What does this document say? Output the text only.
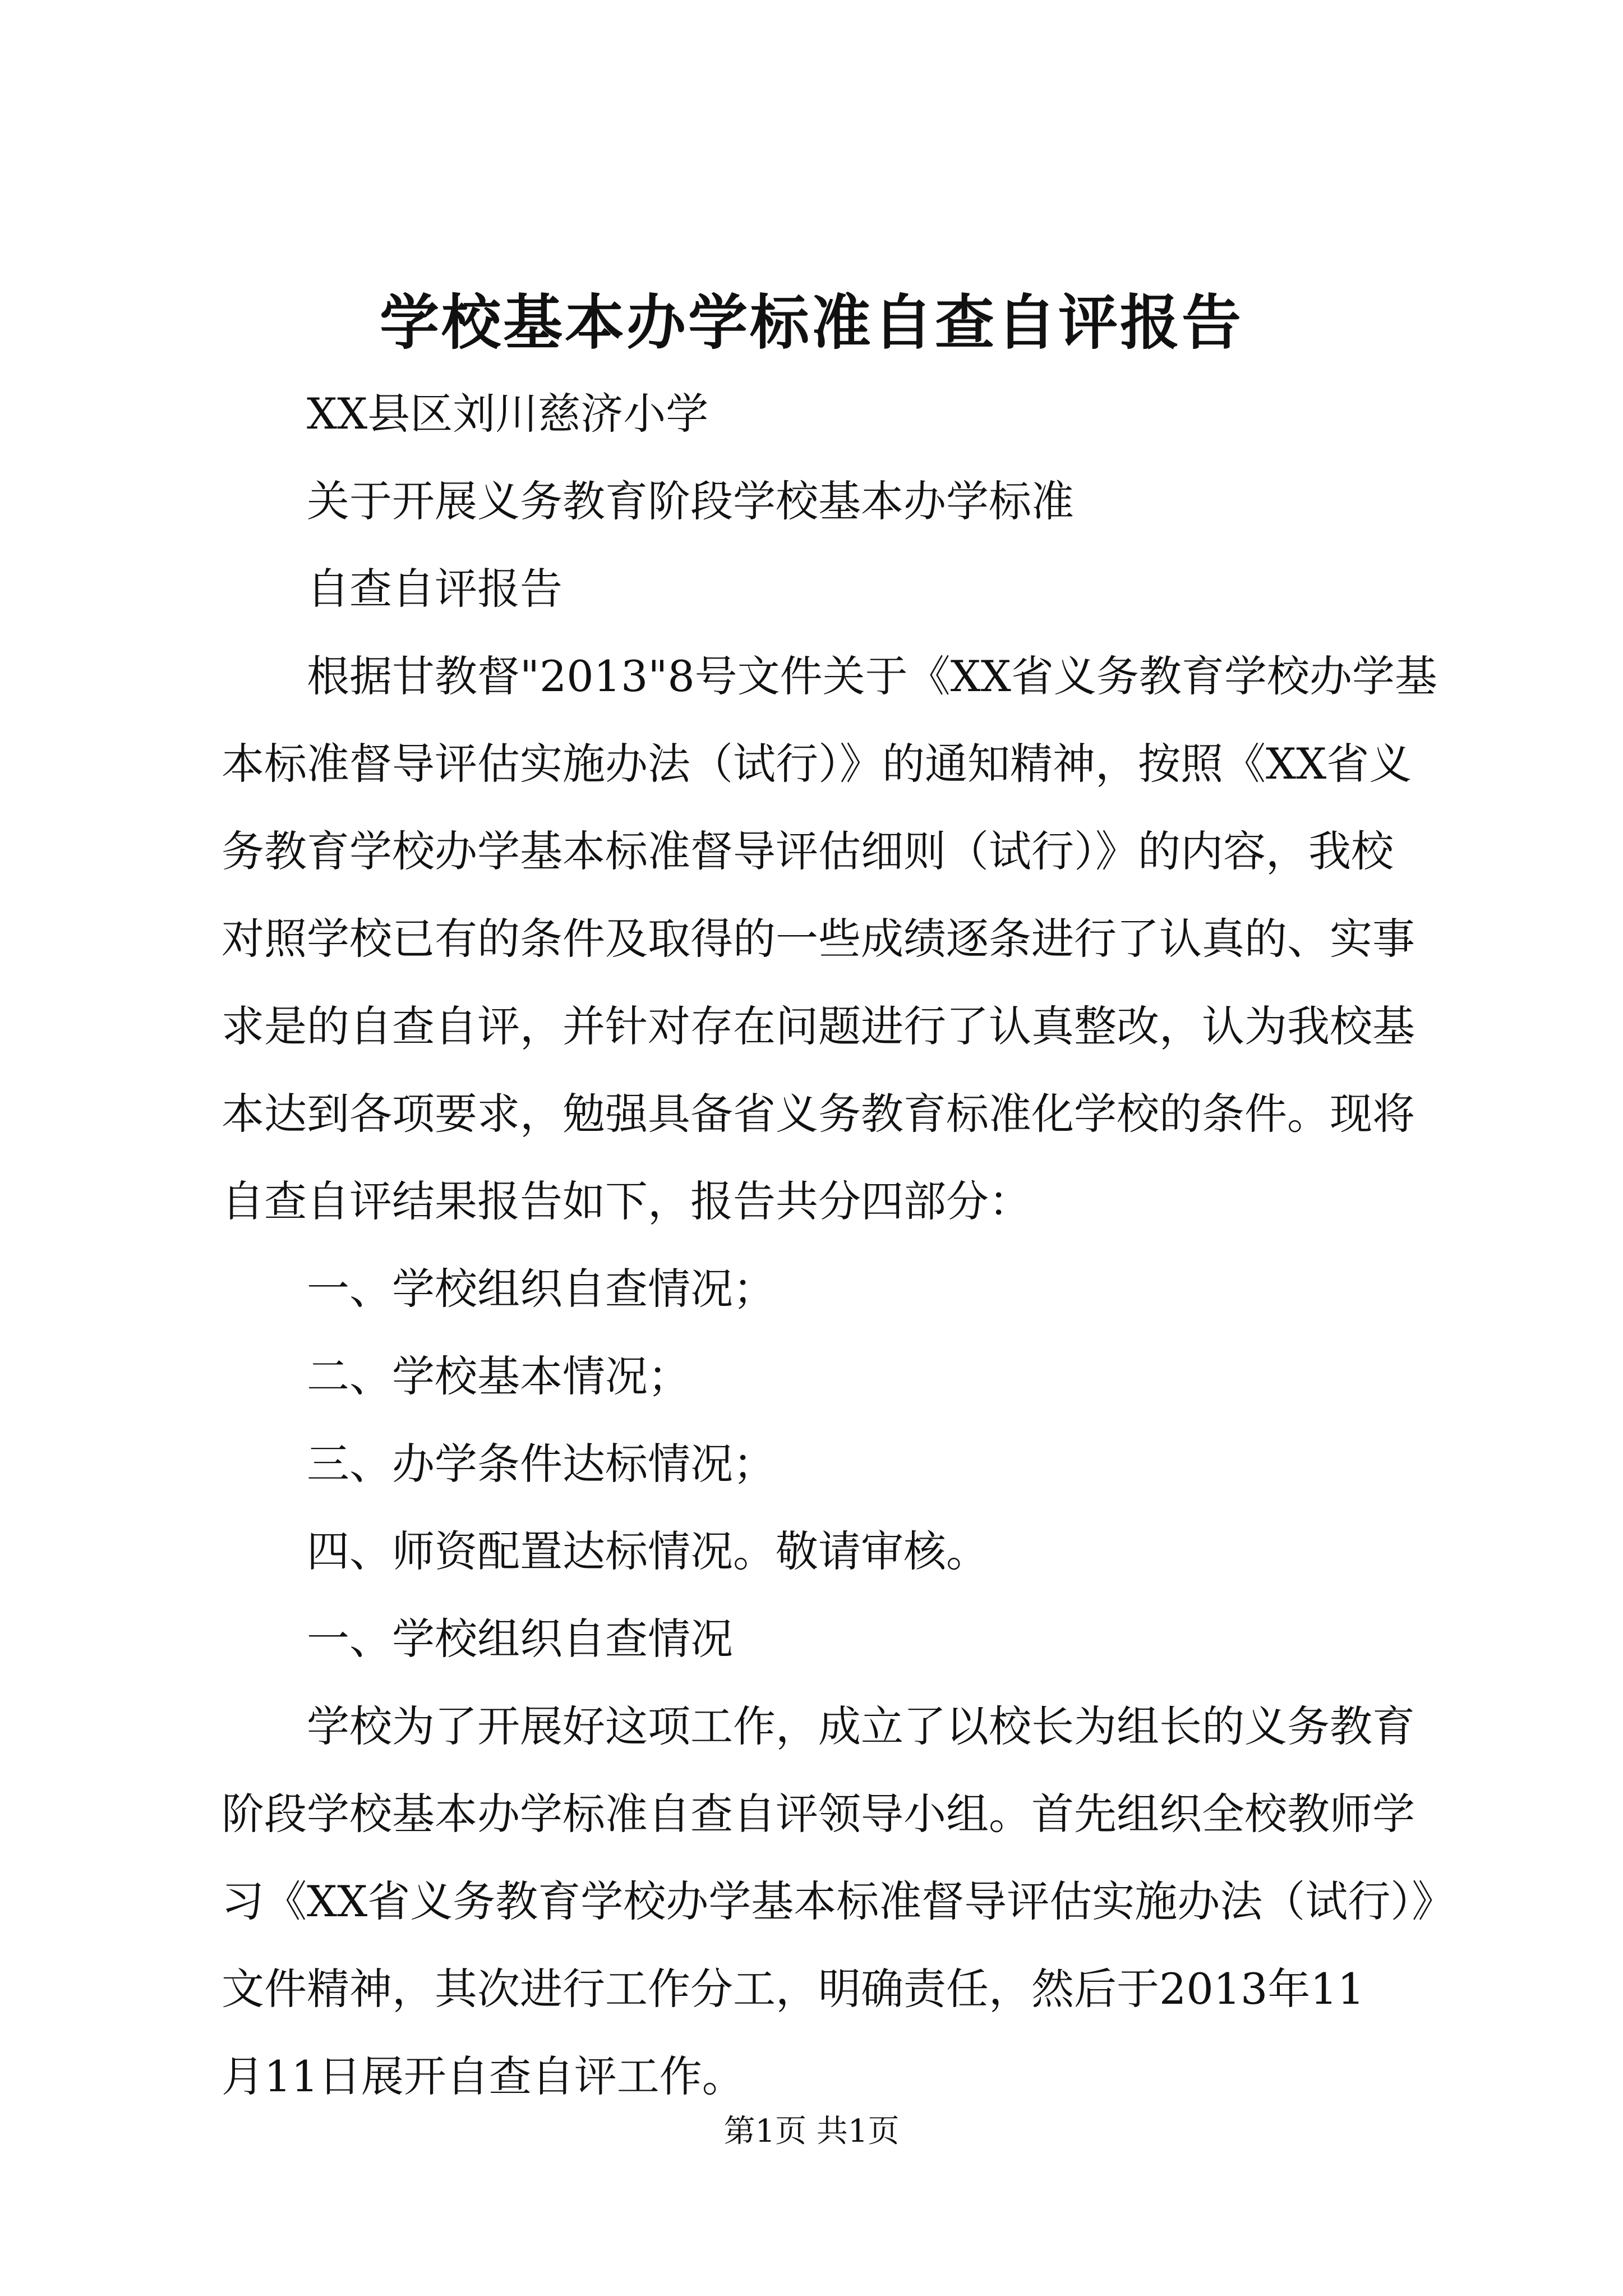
学校基本办学标准自查自评报告

XX县区刘川慈济小学

关于开展义务教育阶段学校基本办学标准

自查自评报告

根据甘教督"2013"8号文件关于《XX省义务教育学校办学基

本标准督导评估实施办法（试行）》的通知精神，按照《XX省义

务教育学校办学基本标准督导评估细则（试行）》的内容，我校

对照学校已有的条件及取得的一些成绩逐条进行了认真的、实事

求是的自查自评，并针对存在问题进行了认真整改，认为我校基

本达到各项要求，勉强具备省义务教育标准化学校的条件。现将

自查自评结果报告如下，报告共分四部分：

一、学校组织自查情况；

二、学校基本情况；

三、办学条件达标情况；

四、师资配置达标情况。敬请审核。

一、学校组织自查情况

学校为了开展好这项工作，成立了以校长为组长的义务教育

阶段学校基本办学标准自查自评领导小组。首先组织全校教师学

习《XX省义务教育学校办学基本标准督导评估实施办法（试行）》

文件精神，其次进行工作分工，明确责任，然后于2013年11

月11日展开自查自评工作。

第1页 共1页
